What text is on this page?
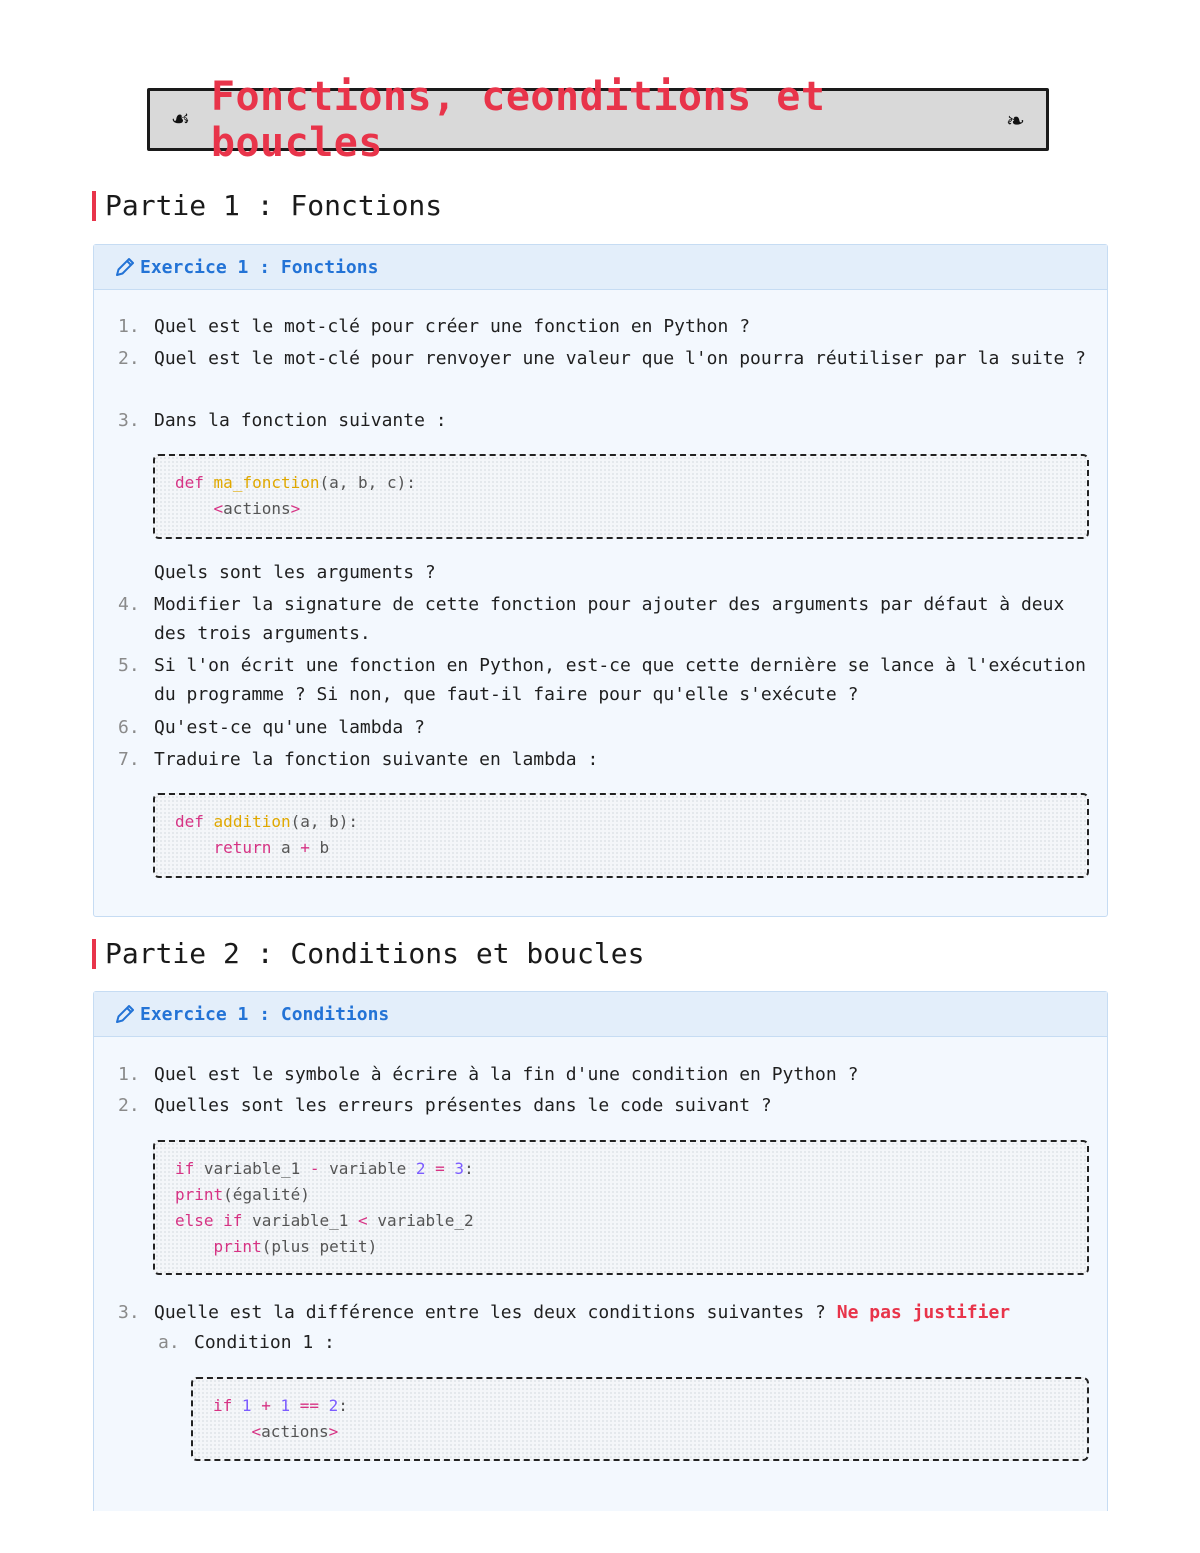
☙ Fonctions, ceonditions et boucles	❧
Partie 1 : Fonctions
Exercice 1 : Fonctions
1. Quel est le mot-clé pour créer une fonction en Python ?
2. Quel est le mot-clé pour renvoyer une valeur que l'on pourra réutiliser par la suite ?
3. Dans la fonction suivante :
def ma_fonction(a, b, c):
<actions>
Quels sont les arguments ?
4. Modifier la signature de cette fonction pour ajouter des arguments par défaut à deux des trois arguments.
5. Si l'on écrit une fonction en Python, est-ce que cette dernière se lance à l'exécution du programme ? Si non, que faut-il faire pour qu'elle s'exécute ?
6. Qu'est-ce qu'une lambda ?
7. Traduire la fonction suivante en lambda :
def addition(a, b):
return a + b
Partie 2 : Conditions et boucles
Exercice 1 : Conditions
1. Quel est le symbole à écrire à la fin d'une condition en Python ?
2. Quelles sont les erreurs présentes dans le code suivant ?
if variable_1 - variable 2 = 3:
print(égalité)
else if variable_1 < variable_2
print(plus petit)
3. Quelle est la différence entre les deux conditions suivantes ? Ne pas justifier
a. Condition 1 :
if 1 + 1 == 2:
<actions>
